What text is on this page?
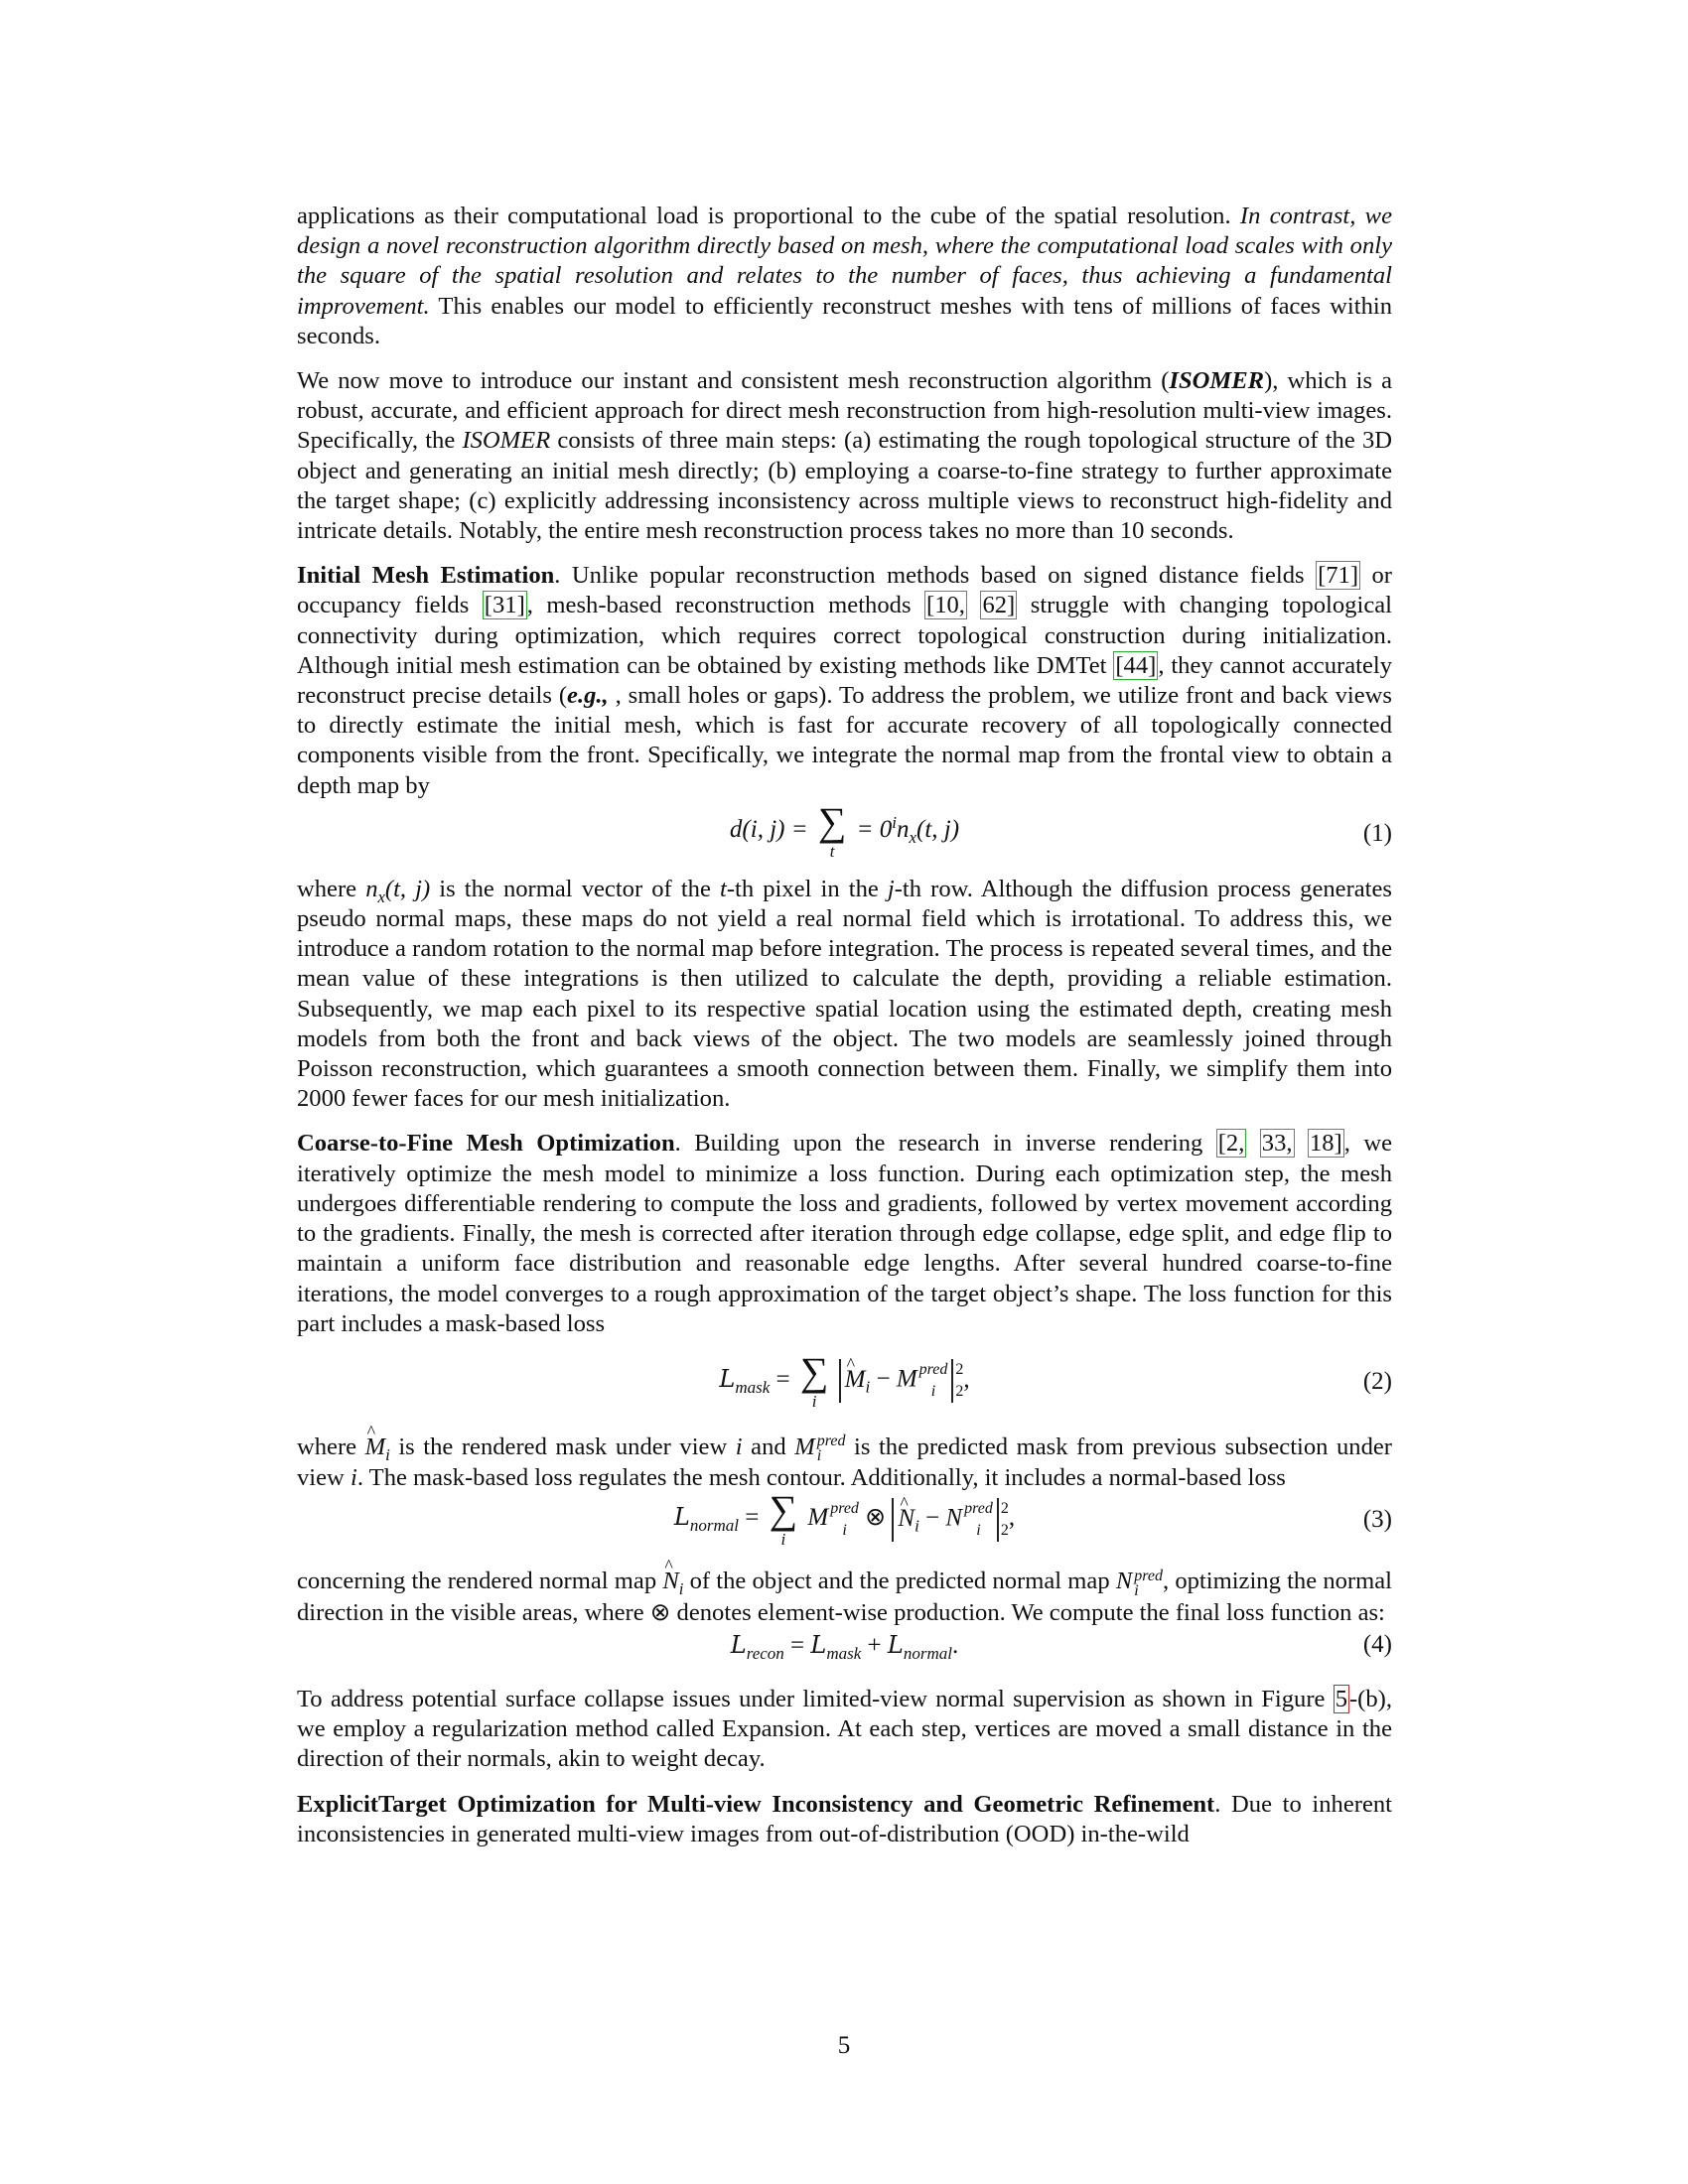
applications as their computational load is proportional to the cube of the spatial resolution. In contrast, we design a novel reconstruction algorithm directly based on mesh, where the computational load scales with only the square of the spatial resolution and relates to the number of faces, thus achieving a fundamental improvement. This enables our model to efficiently reconstruct meshes with tens of millions of faces within seconds.

We now move to introduce our instant and consistent mesh reconstruction algorithm (ISOMER), which is a robust, accurate, and efficient approach for direct mesh reconstruction from high-resolution multi-view images. Specifically, the ISOMER consists of three main steps: (a) estimating the rough topological structure of the 3D object and generating an initial mesh directly; (b) employing a coarse-to-fine strategy to further approximate the target shape; (c) explicitly addressing inconsistency across multiple views to reconstruct high-fidelity and intricate details. Notably, the entire mesh reconstruction process takes no more than 10 seconds.

Initial Mesh Estimation. Unlike popular reconstruction methods based on signed distance fields [71] or occupancy fields [31], mesh-based reconstruction methods [10, 62] struggle with changing topological connectivity during optimization, which requires correct topological construction during initialization. Although initial mesh estimation can be obtained by existing methods like DMTet [44], they cannot accurately reconstruct precise details (e.g., , small holes or gaps). To address the problem, we utilize front and back views to directly estimate the initial mesh, which is fast for accurate recovery of all topologically connected components visible from the front. Specifically, we integrate the normal map from the frontal view to obtain a depth map by

d(i, j) = ∑
t
= $0^in_x(t$, j)	(1)

where $n_x(t$, j) is the normal vector of the t-th pixel in the j-th row. Although the diffusion process generates pseudo normal maps, these maps do not yield a real normal field which is irrotational. To address this, we introduce a random rotation to the normal map before integration. The process is repeated several times, and the mean value of these integrations is then utilized to calculate the depth, providing a reliable estimation. Subsequently, we map each pixel to its respective spatial location using the estimated depth, creating mesh models from both the front and back views of the object. The two models are seamlessly joined through Poisson reconstruction, which guarantees a smooth connection between them. Finally, we simplify them into 2000 fewer faces for our mesh initialization.

Coarse-to-Fine Mesh Optimization. Building upon the research in inverse rendering [2, 33, 18], we iteratively optimize the mesh model to minimize a loss function. During each optimization step, the mesh undergoes differentiable rendering to compute the loss and gradients, followed by vertex movement according to the gradients. Finally, the mesh is corrected after iteration through edge collapse, edge split, and edge flip to maintain a uniform face distribution and reasonable edge lengths. After several hundred coarse-to-fine iterations, the model converges to a rough approximation of the target object’s shape. The loss function for this part includes a mask-based loss

$L_{mask}$ = ∑
i
^ $M_i - M$ pred
i
2
2 ,	(2)

where ^ $M_i$ is the rendered mask under view i and M pred
i is the predicted mask from previous subsection under view i. The mask-based loss regulates the mesh contour. Additionally, it includes a normal-based loss

$L_{normal}$ = ∑
i
M pred
i ⊗ ^ $N_i - N$ pred
i
2
2 ,	(3)

concerning the rendered normal map ^ $N_i$ of the object and the predicted normal map N pred
i , optimizing the normal direction in the visible areas, where ⊗ denotes element-wise production. We compute the final loss function as:

$L_{recon} = L_{mask} + L_{normal}$.	(4)

To address potential surface collapse issues under limited-view normal supervision as shown in Figure 5-(b), we employ a regularization method called Expansion. At each step, vertices are moved a small distance in the direction of their normals, akin to weight decay.

ExplicitTarget Optimization for Multi-view Inconsistency and Geometric Refinement. Due to inherent inconsistencies in generated multi-view images from out-of-distribution (OOD) in-the-wild

5
